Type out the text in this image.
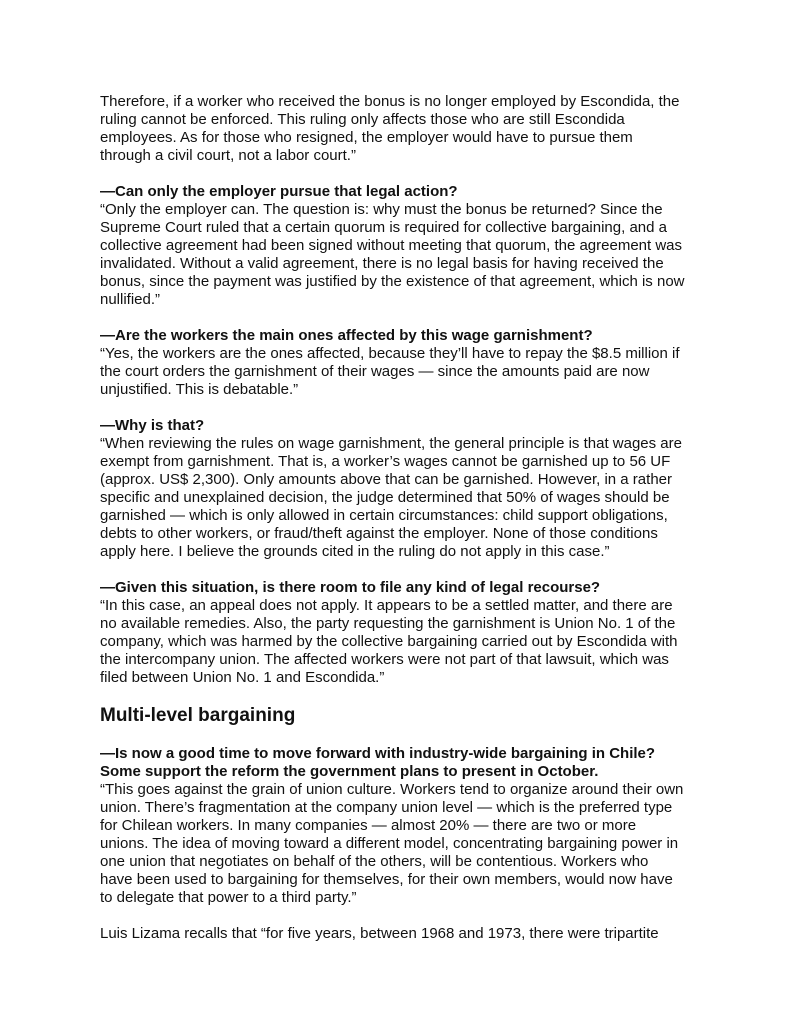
Therefore, if a worker who received the bonus is no longer employed by Escondida, the
ruling cannot be enforced. This ruling only affects those who are still Escondida
employees. As for those who resigned, the employer would have to pursue them
through a civil court, not a labor court.”
—Can only the employer pursue that legal action?
“Only the employer can. The question is: why must the bonus be returned? Since the
Supreme Court ruled that a certain quorum is required for collective bargaining, and a
collective agreement had been signed without meeting that quorum, the agreement was
invalidated. Without a valid agreement, there is no legal basis for having received the
bonus, since the payment was justified by the existence of that agreement, which is now
nullified.”
—Are the workers the main ones affected by this wage garnishment?
“Yes, the workers are the ones affected, because they’ll have to repay the $8.5 million if
the court orders the garnishment of their wages — since the amounts paid are now
unjustified. This is debatable.”
—Why is that?
“When reviewing the rules on wage garnishment, the general principle is that wages are
exempt from garnishment. That is, a worker’s wages cannot be garnished up to 56 UF
(approx. US$ 2,300). Only amounts above that can be garnished. However, in a rather
specific and unexplained decision, the judge determined that 50% of wages should be
garnished — which is only allowed in certain circumstances: child support obligations,
debts to other workers, or fraud/theft against the employer. None of those conditions
apply here. I believe the grounds cited in the ruling do not apply in this case.”
—Given this situation, is there room to file any kind of legal recourse?
“In this case, an appeal does not apply. It appears to be a settled matter, and there are
no available remedies. Also, the party requesting the garnishment is Union No. 1 of the
company, which was harmed by the collective bargaining carried out by Escondida with
the intercompany union. The affected workers were not part of that lawsuit, which was
filed between Union No. 1 and Escondida.”
Multi-level bargaining
—Is now a good time to move forward with industry-wide bargaining in Chile?
Some support the reform the government plans to present in October.
“This goes against the grain of union culture. Workers tend to organize around their own
union. There’s fragmentation at the company union level — which is the preferred type
for Chilean workers. In many companies — almost 20% — there are two or more
unions. The idea of moving toward a different model, concentrating bargaining power in
one union that negotiates on behalf of the others, will be contentious. Workers who
have been used to bargaining for themselves, for their own members, would now have
to delegate that power to a third party.”
Luis Lizama recalls that “for five years, between 1968 and 1973, there were tripartite
